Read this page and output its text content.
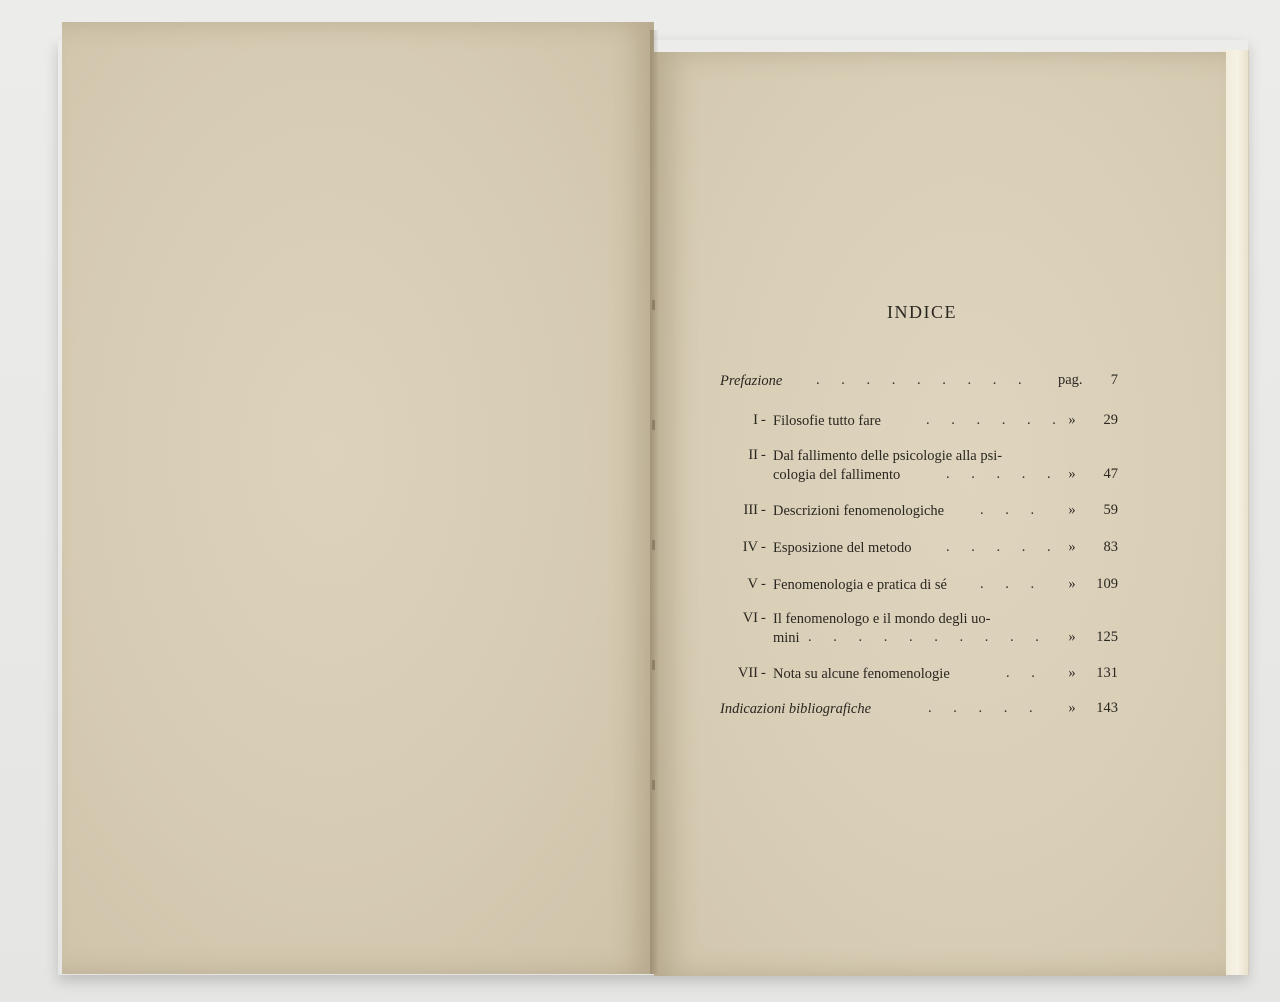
INDICE
Prefazione	. . . . . . . . . pag. 7
I - Filosofie tutto fare	. . . . . . » 29
II - Dal fallimento delle psicologie alla psi-
cologia del fallimento	. . . . . » 47
III - Descrizioni fenomenologiche	. . . » 59
IV - Esposizione del metodo	. . . . . » 83
V - Fenomenologia e pratica di sé	. . . » 109
VI - Il fenomenologo e il mondo degli uo-
mini . . . . . . . . . . » 125
VII - Nota su alcune fenomenologie	. . » 131
Indicazioni bibliografiche	. . . . . » 143
